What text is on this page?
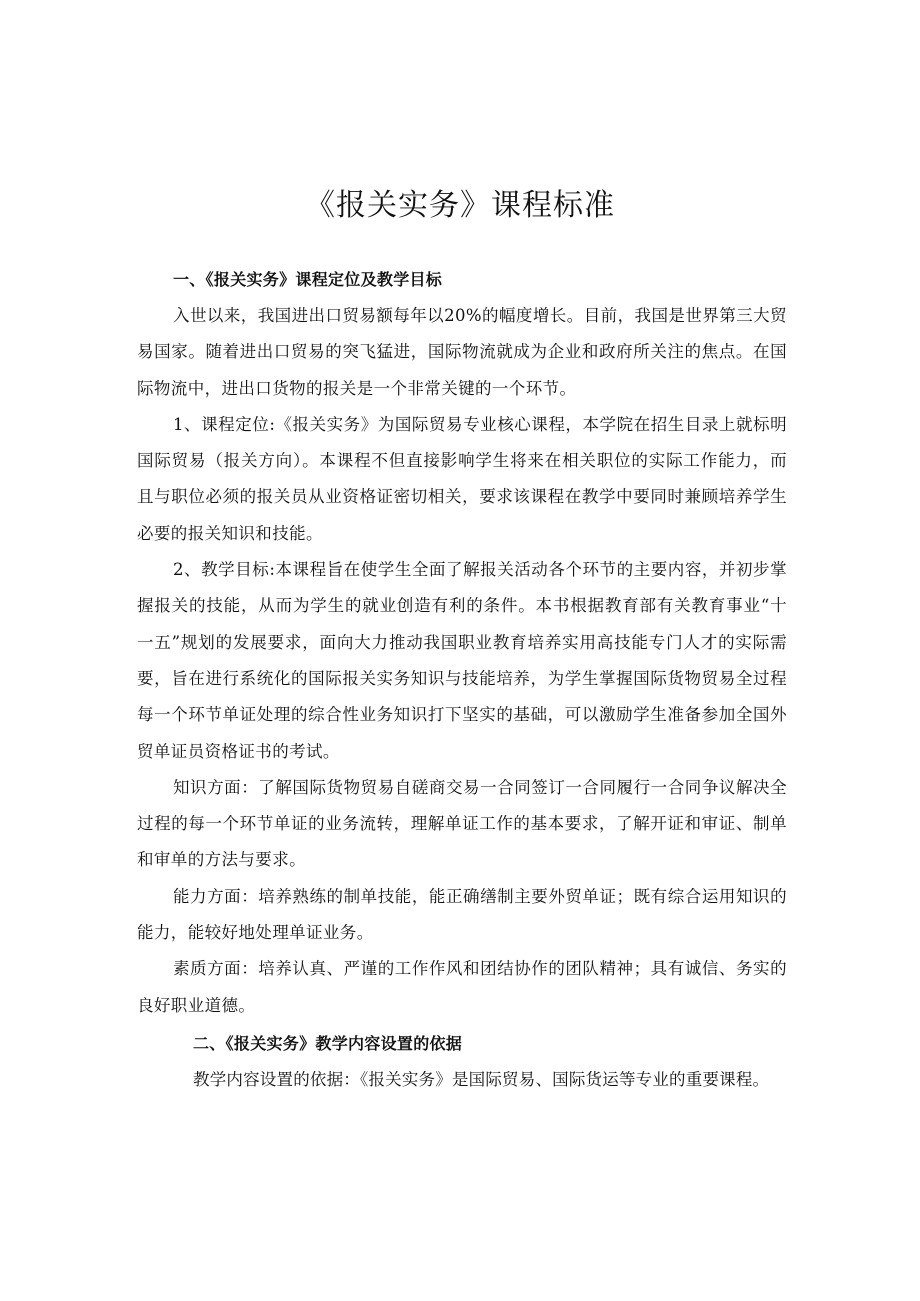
《报关实务》课程标准
一、《报关实务》课程定位及教学目标

入世以来，我国进出口贸易额每年以20%的幅度增长。目前，我国是世界第三大贸易国家。随着进出口贸易的突飞猛进，国际物流就成为企业和政府所关注的焦点。在国际物流中，进出口货物的报关是一个非常关键的一个环节。

1、课程定位:《报关实务》为国际贸易专业核心课程，本学院在招生目录上就标明国际贸易（报关方向）。本课程不但直接影响学生将来在相关职位的实际工作能力，而且与职位必须的报关员从业资格证密切相关，要求该课程在教学中要同时兼顾培养学生必要的报关知识和技能。

2、教学目标:本课程旨在使学生全面了解报关活动各个环节的主要内容，并初步掌握报关的技能，从而为学生的就业创造有利的条件。本书根据教育部有关教育事业“十一五”规划的发展要求，面向大力推动我国职业教育培养实用高技能专门人才的实际需要，旨在进行系统化的国际报关实务知识与技能培养，为学生掌握国际货物贸易全过程每一个环节单证处理的综合性业务知识打下坚实的基础，可以激励学生准备参加全国外贸单证员资格证书的考试。

知识方面：了解国际货物贸易自磋商交易一合同签订一合同履行一合同争议解决全过程的每一个环节单证的业务流转，理解单证工作的基本要求，了解开证和审证、制单和审单的方法与要求。

能力方面：培养熟练的制单技能，能正确缮制主要外贸单证；既有综合运用知识的能力，能较好地处理单证业务。

素质方面：培养认真、严谨的工作作风和团结协作的团队精神；具有诚信、务实的良好职业道德。

二、《报关实务》教学内容设置的依据

教学内容设置的依据：《报关实务》是国际贸易、国际货运等专业的重要课程。
